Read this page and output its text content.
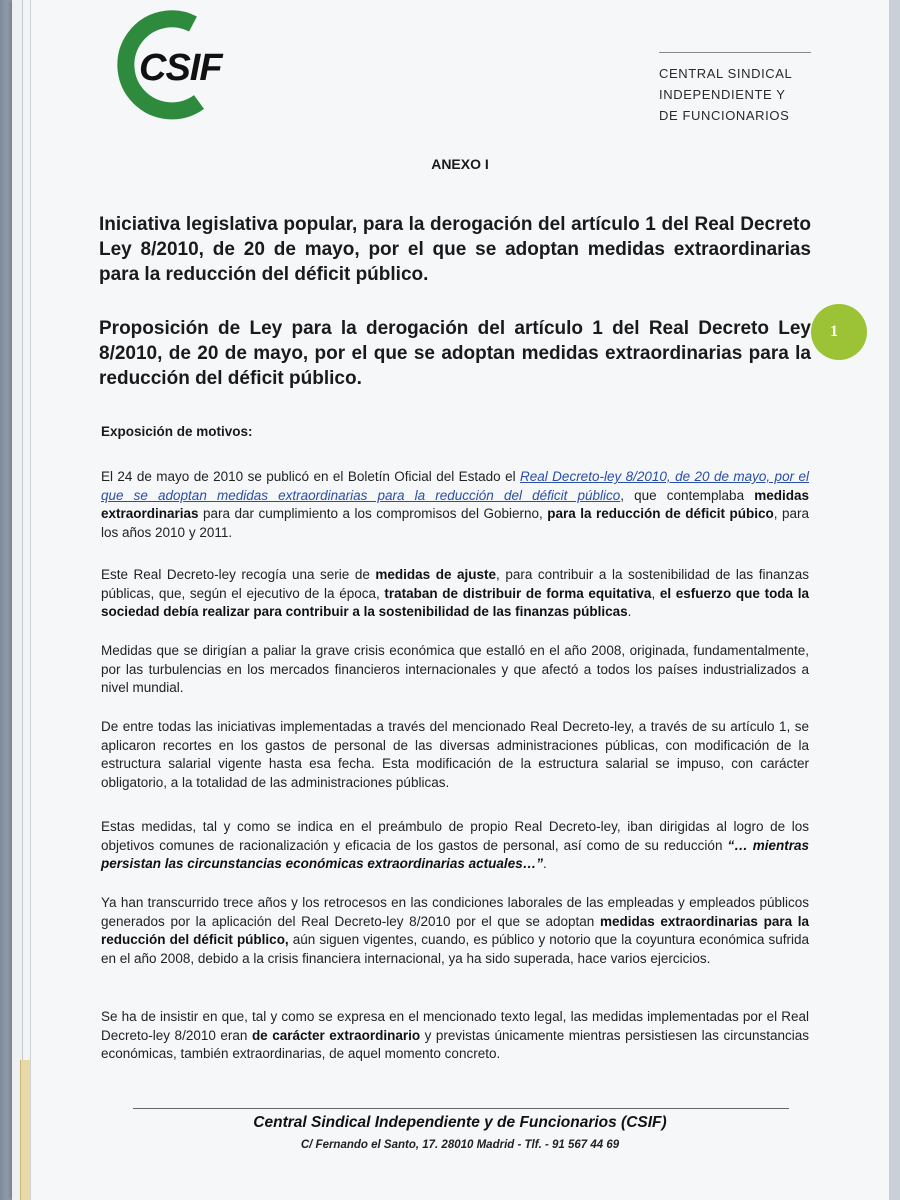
CSIF	CENTRAL SINDICAL
INDEPENDIENTE Y
DE FUNCIONARIOS
ANEXO I
Iniciativa legislativa popular, para la derogación del artículo 1 del Real Decreto Ley 8/2010, de 20 de mayo, por el que se adoptan medidas extraordinarias para la reducción del déficit público.
Proposición de Ley para la derogación del artículo 1 del Real Decreto Ley 8/2010, de 20 de mayo, por el que se adoptan medidas extraordinarias para la reducción del déficit público.
1
Exposición de motivos:
El 24 de mayo de 2010 se publicó en el Boletín Oficial del Estado el Real Decreto-ley 8/2010, de 20 de mayo, por el que se adoptan medidas extraordinarias para la reducción del déficit público, que contemplaba medidas extraordinarias para dar cumplimiento a los compromisos del Gobierno, para la reducción de déficit púbico, para los años 2010 y 2011.
Este Real Decreto-ley recogía una serie de medidas de ajuste, para contribuir a la sostenibilidad de las finanzas públicas, que, según el ejecutivo de la época, trataban de distribuir de forma equitativa, el esfuerzo que toda la sociedad debía realizar para contribuir a la sostenibilidad de las finanzas públicas.
Medidas que se dirigían a paliar la grave crisis económica que estalló en el año 2008, originada, fundamentalmente, por las turbulencias en los mercados financieros internacionales y que afectó a todos los países industrializados a nivel mundial.
De entre todas las iniciativas implementadas a través del mencionado Real Decreto-ley, a través de su artículo 1, se aplicaron recortes en los gastos de personal de las diversas administraciones públicas, con modificación de la estructura salarial vigente hasta esa fecha. Esta modificación de la estructura salarial se impuso, con carácter obligatorio, a la totalidad de las administraciones públicas.
Estas medidas, tal y como se indica en el preámbulo de propio Real Decreto-ley, iban dirigidas al logro de los objetivos comunes de racionalización y eficacia de los gastos de personal, así como de su reducción “… mientras persistan las circunstancias económicas extraordinarias actuales…”.
Ya han transcurrido trece años y los retrocesos en las condiciones laborales de las empleadas y empleados públicos generados por la aplicación del Real Decreto-ley 8/2010 por el que se adoptan medidas extraordinarias para la reducción del déficit público, aún siguen vigentes, cuando, es público y notorio que la coyuntura económica sufrida en el año 2008, debido a la crisis financiera internacional, ya ha sido superada, hace varios ejercicios.
Se ha de insistir en que, tal y como se expresa en el mencionado texto legal, las medidas implementadas por el Real Decreto-ley 8/2010 eran de carácter extraordinario y previstas únicamente mientras persistiesen las circunstancias económicas, también extraordinarias, de aquel momento concreto.
Central Sindical Independiente y de Funcionarios (CSIF)
C/ Fernando el Santo, 17. 28010 Madrid - Tlf. - 91 567 44 69
